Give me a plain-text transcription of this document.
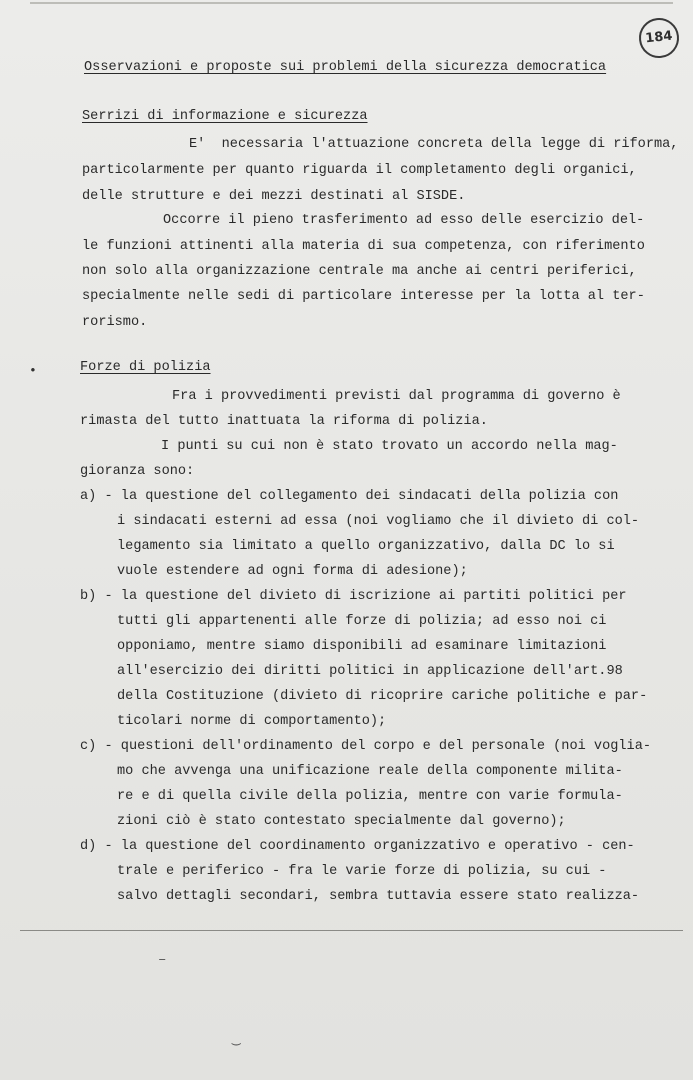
184
Osservazioni e proposte sui problemi della sicurezza democratica
Serrizi di informazione e sicurezza
E'  necessaria l'attuazione concreta della legge di riforma,
particolarmente per quanto riguarda il completamento degli organici,
delle strutture e dei mezzi destinati al SISDE.
Occorre il pieno trasferimento ad esso delle esercizio del-
le funzioni attinenti alla materia di sua competenza, con riferimento
non solo alla organizzazione centrale ma anche ai centri periferici,
specialmente nelle sedi di particolare interesse per la lotta al ter-
rorismo.
•	Forze di polizia
Fra i provvedimenti previsti dal programma di governo è
rimasta del tutto inattuata la riforma di polizia.
I punti su cui non è stato trovato un accordo nella mag-
gioranza sono:
a) - la questione del collegamento dei sindacati della polizia con
i sindacati esterni ad essa (noi vogliamo che il divieto di col-
legamento sia limitato a quello organizzativo, dalla DC lo si
vuole estendere ad ogni forma di adesione);
b) - la questione del divieto di iscrizione ai partiti politici per
tutti gli appartenenti alle forze di polizia; ad esso noi ci
opponiamo, mentre siamo disponibili ad esaminare limitazioni
all'esercizio dei diritti politici in applicazione dell'art.98
della Costituzione (divieto di ricoprire cariche politiche e par-
ticolari norme di comportamento);
c) - questioni dell'ordinamento del corpo e del personale (noi voglia-
mo che avvenga una unificazione reale della componente milita-
re e di quella civile della polizia, mentre con varie formula-
zioni ciò è stato contestato specialmente dal governo);
d) - la questione del coordinamento organizzativo e operativo - cen-
trale e periferico - fra le varie forze di polizia, su cui -
salvo dettagli secondari, sembra tuttavia essere stato realizza-
–
‿
